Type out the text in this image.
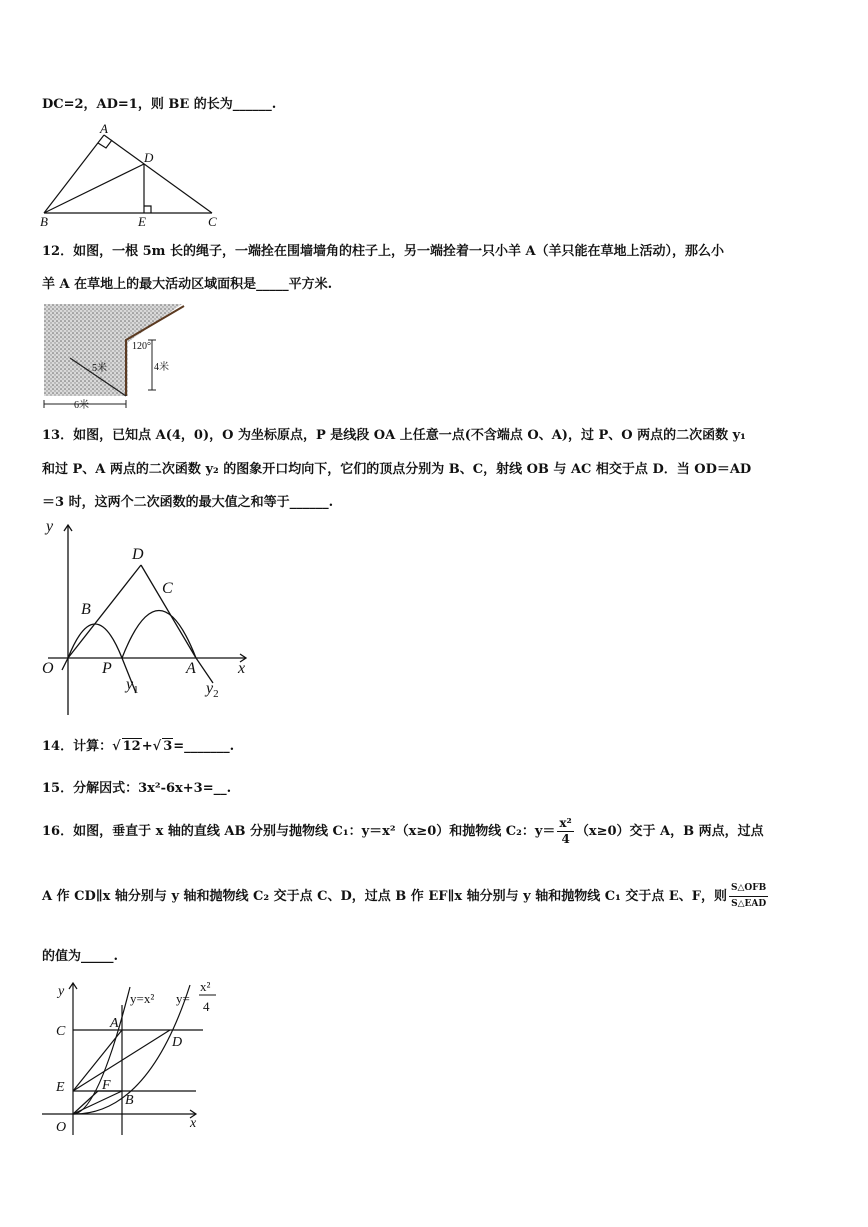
DC=2，AD=1，则 BE 的长为______.
A
D
B	E	C
12．如图，一根 5m 长的绳子，一端拴在围墙墙角的柱子上，另一端拴着一只小羊 A（羊只能在草地上活动），那么小
羊 A 在草地上的最大活动区域面积是_____平方米.
120°
5米	4米
6米
13．如图，已知点 A(4，0)，O 为坐标原点，P 是线段 OA 上任意一点(不含端点 O、A)，过 P、O 两点的二次函数 y₁
和过 P、A 两点的二次函数 y₂ 的图象开口均向下，它们的顶点分别为 B、C，射线 OB 与 AC 相交于点 D．当 OD＝AD
＝3 时，这两个二次函数的最大值之和等于______.
y
x
O	P	A
B
C
D
$y_1$	$y_2$
14．计算：√ 12+√ 3=_______.
15．分解因式：3x²-6x+3=__.
16．如图，垂直于 x 轴的直线 AB 分别与抛物线 C₁：y＝x²（x≥0）和抛物线 C₂：$y= \frac{\text{x²}}{4} (x\ge 0)$交于 A，B 两点，过点
A 作 CD∥x 轴分别与 y 轴和抛物线 C₂ 交于点 C、D，过点 B 作 EF∥x 轴分别与 y 轴和抛物线 C₁ 交于点 E、F，则 $\frac{\text{S△OFB}}{\text{S△EAD}}$
的值为_____.
y
x
O
C
E
A
D
F
B
y=x² y=
x²
4
